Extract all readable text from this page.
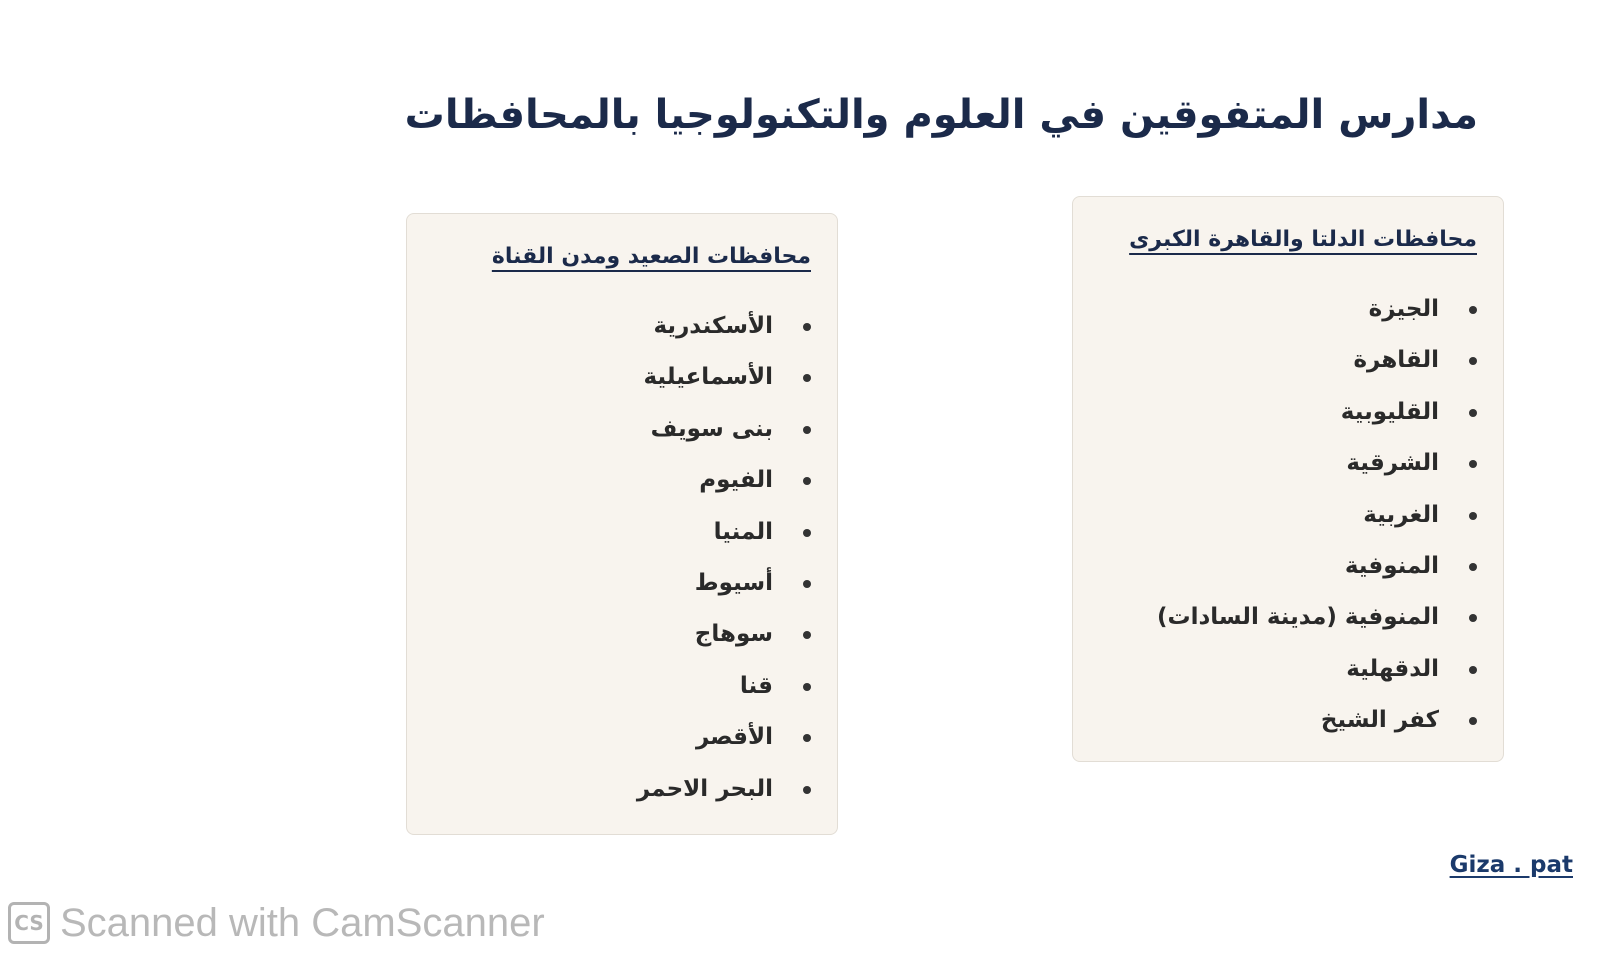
مدارس المتفوقين في العلوم والتكنولوجيا بالمحافظات
محافظات الدلتا والقاهرة الكبرى
الجيزة
القاهرة
القليوبية
الشرقية
الغربية
المنوفية
المنوفية (مدينة السادات)
الدقهلية
كفر الشيخ
محافظات الصعيد ومدن القناة
الأسكندرية
الأسماعيلية
بنى سويف
الفيوم
المنيا
أسيوط
سوهاج
قنا
الأقصر
البحر الاحمر
Giza . pat
CS Scanned with CamScanner
